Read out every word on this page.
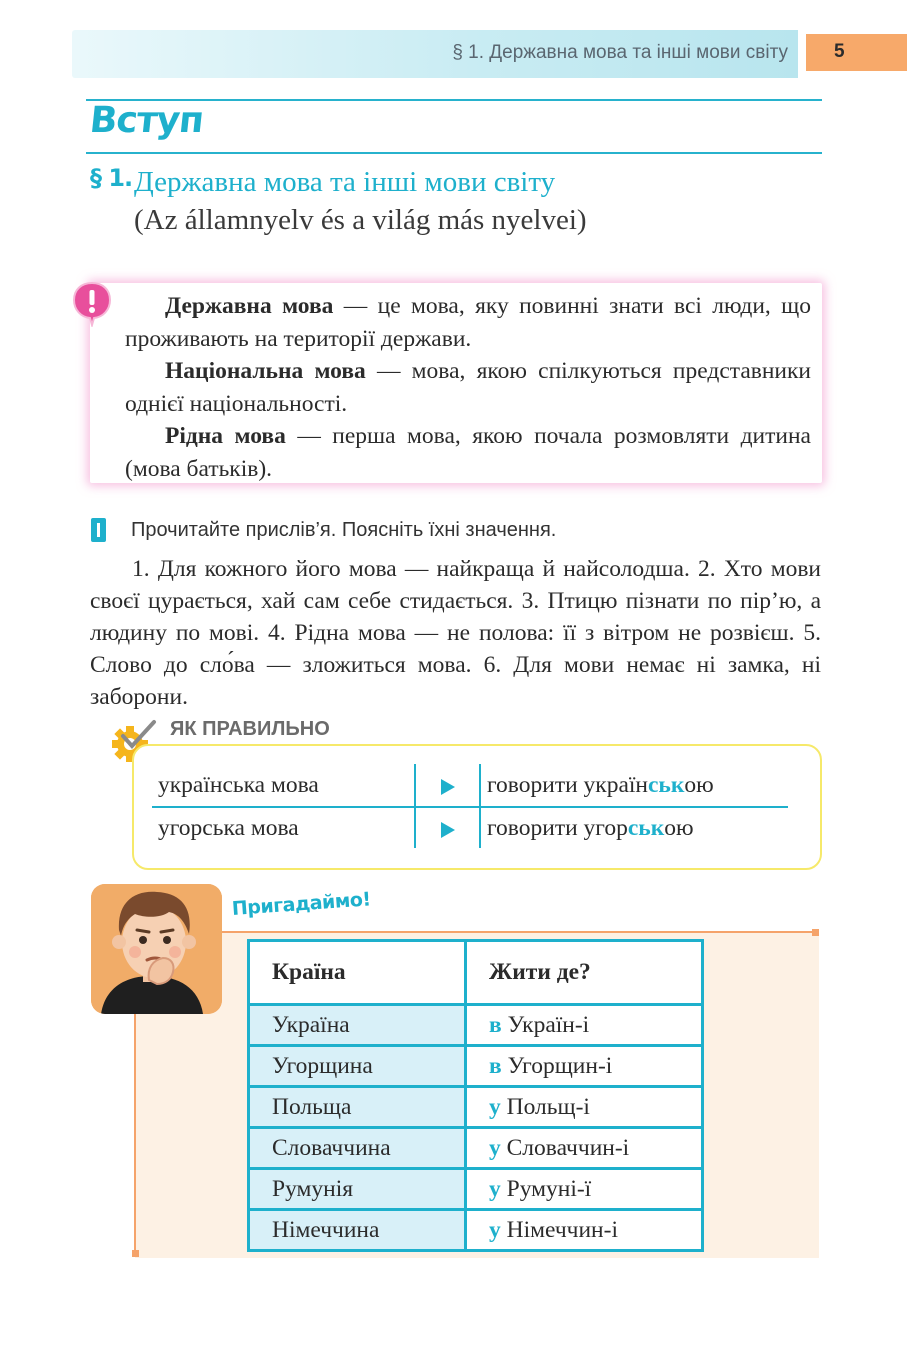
§ 1. Державна мова та інші мови світу 5
Вступ
§ 1. Державна мова та інші мови світу
(Az államnyelv és a világ más nyelvei)

Державна мова — це мова, яку повинні знати всі люди, що проживають на території держави.

Національна мова — мова, якою спілкуються представники однієї національності.

Рідна мова — перша мова, якою почала розмовляти дитина (мова батьків).

Прочитайте прислів’я. Поясніть їхні значення.
1. Для кожного його мова — найкраща й найсолодша. 2. Хто мови своєї цурається, хай сам себе стидається. 3. Птицю пізнати по пір’ю, а людину по мові. 4. Рідна мова — не полова: її з вітром не розвієш. 5. Слово до сло́ва — зложиться мова. 6. Для мови немає ні замка, ні заборони.
ЯК ПРАВИЛЬНО
українська мова	говорити українською
угорська мова	говорити угорською
Пригадаймо!
Країна	Жити де?
Україна	в Україн-і
Угорщина	в Угорщин-і
Польща	у Польщ-і
Словаччина	у Словаччин-і
Румунія	у Румуні-ї
Німеччина	у Німеччин-і
